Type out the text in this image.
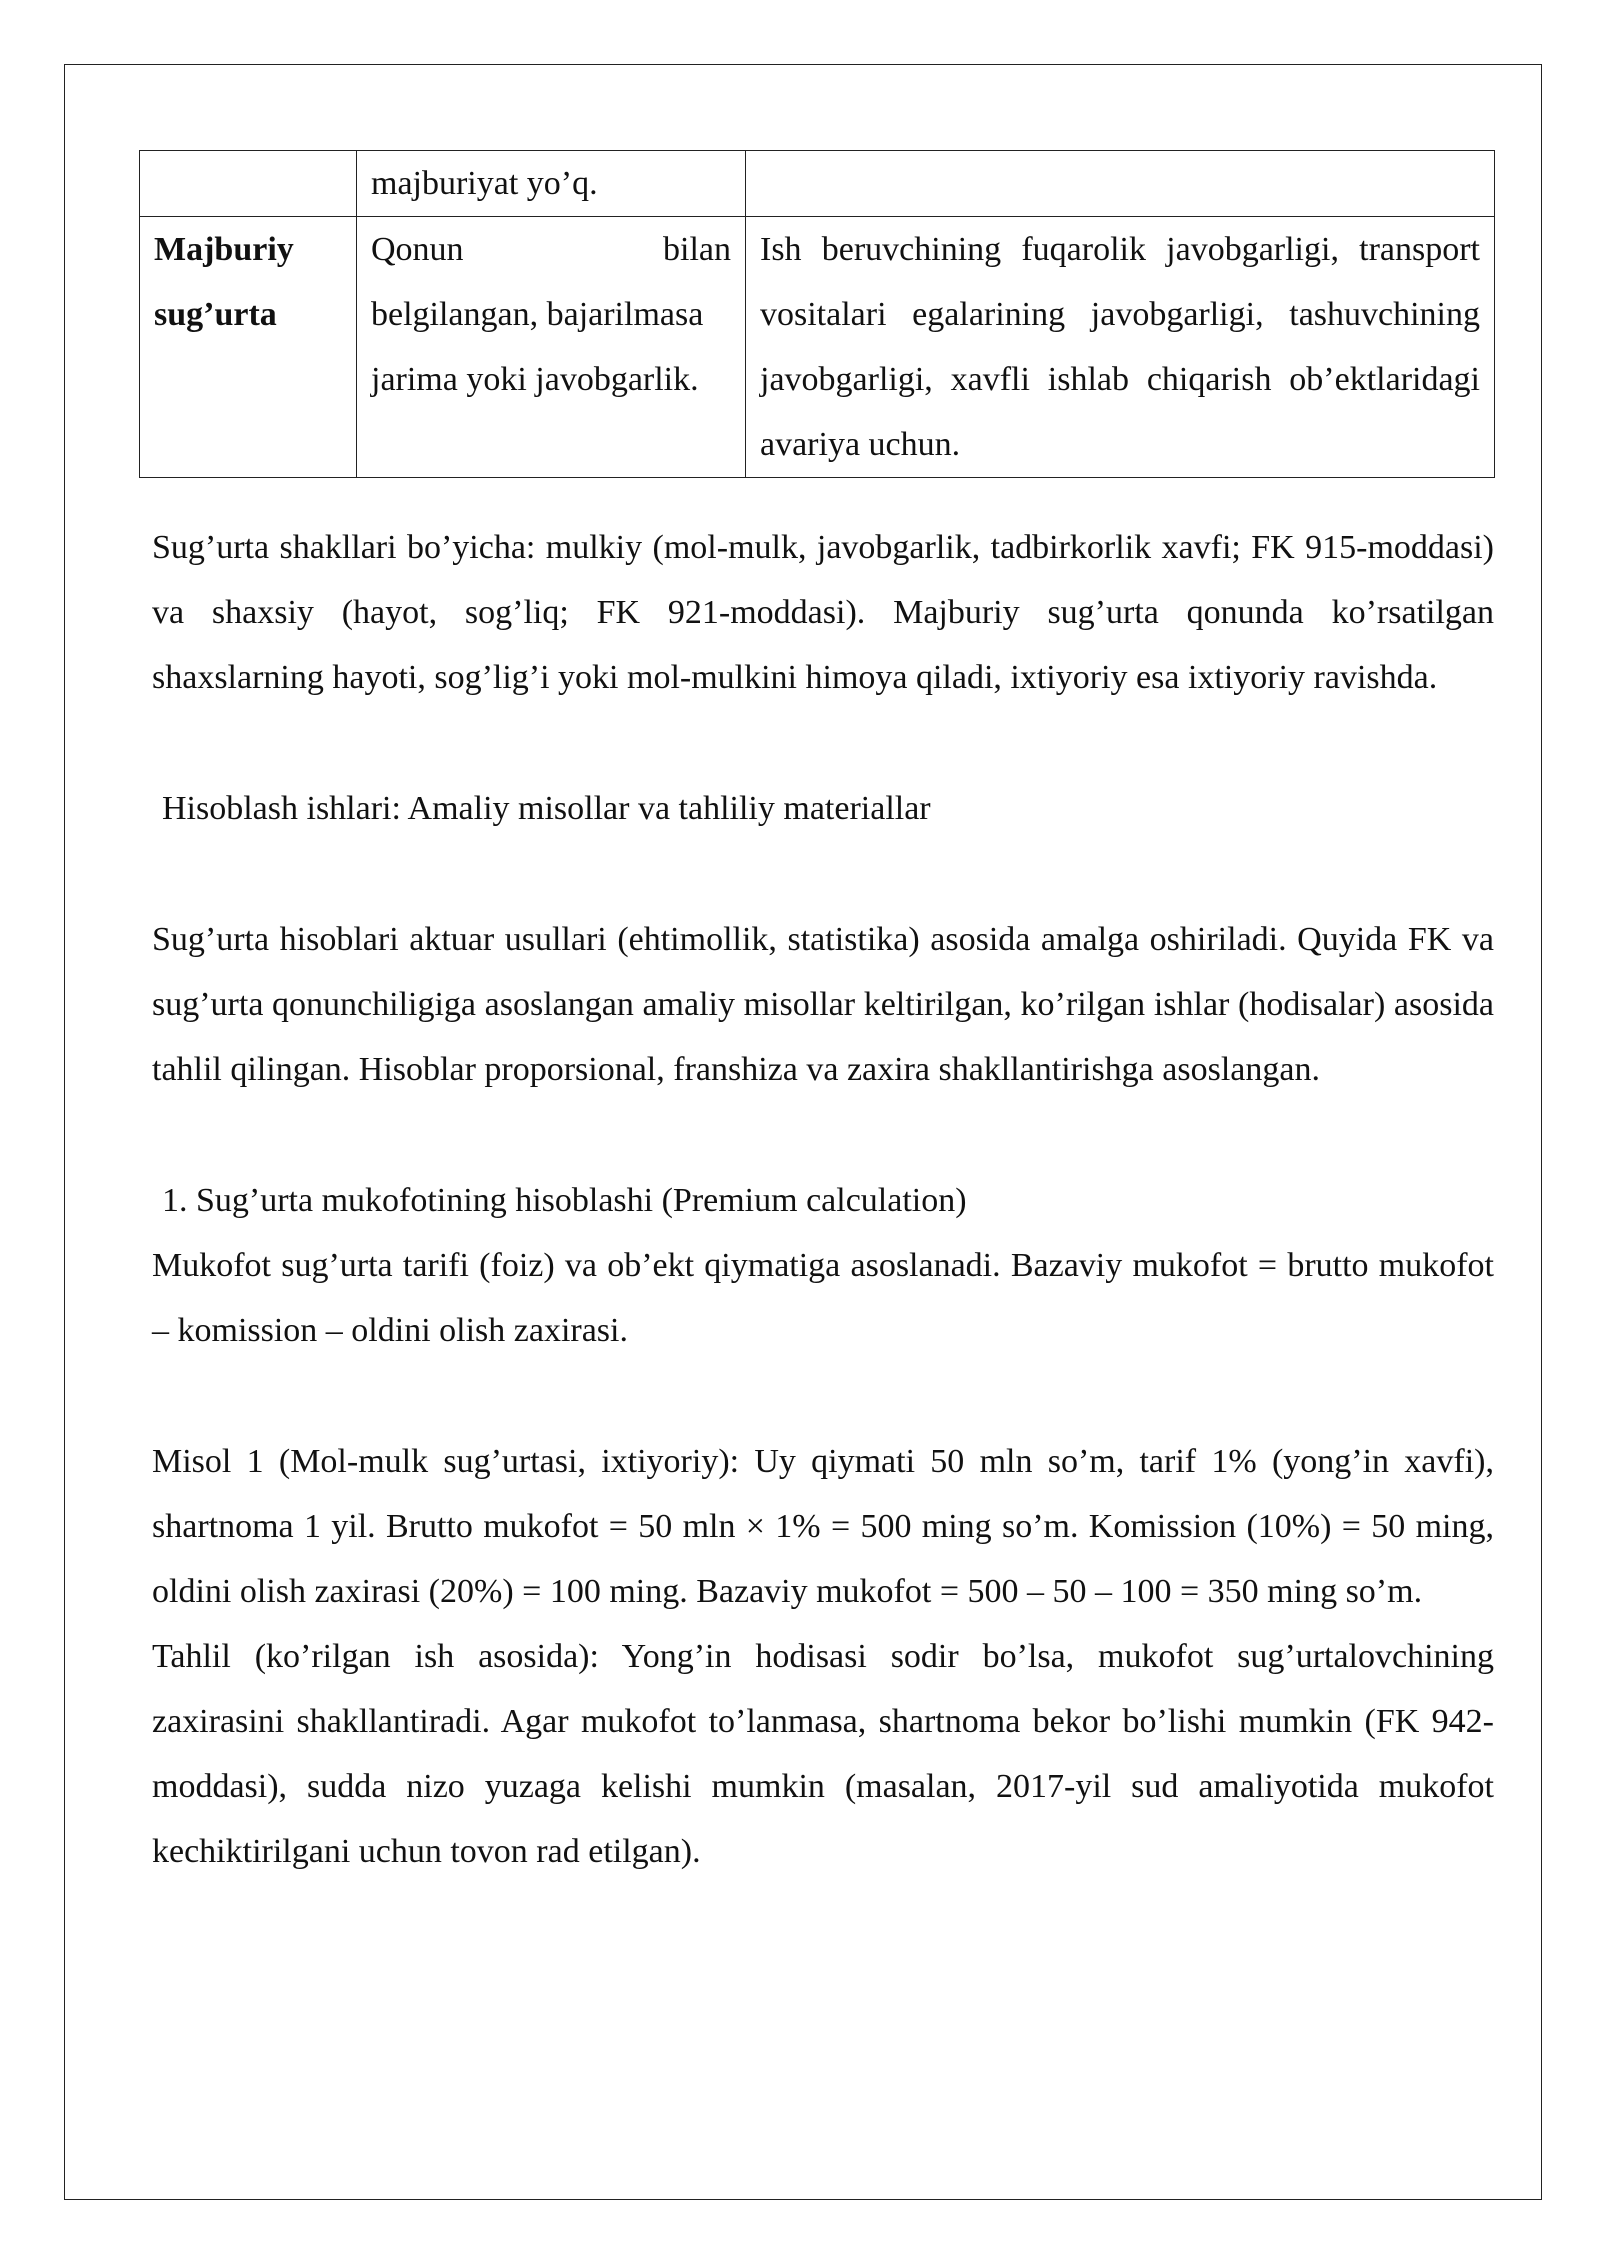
	majburiyat yo’q.	
Majburiy
sug’urta	Qonun bilan
belgilangan, bajarilmasa jarima yoki javobgarlik.	Ish beruvchining fuqarolik javobgarligi, transport vositalari egalarining javobgarligi, tashuvchining javobgarligi, xavfli ishlab chiqarish ob’ektlaridagi avariya uchun.

Sug’urta shakllari bo’yicha: mulkiy (mol-mulk, javobgarlik, tadbirkorlik xavfi; FK 915-moddasi) va shaxsiy (hayot, sog’liq; FK 921-moddasi). Majburiy sug’urta qonunda ko’rsatilgan shaxslarning hayoti, sog’lig’i yoki mol-mulkini himoya qiladi, ixtiyoriy esa ixtiyoriy ravishda.

Hisoblash ishlari: Amaliy misollar va tahliliy materiallar

Sug’urta hisoblari aktuar usullari (ehtimollik, statistika) asosida amalga oshiriladi. Quyida FK va sug’urta qonunchiligiga asoslangan amaliy misollar keltirilgan, ko’rilgan ishlar (hodisalar) asosida tahlil qilingan. Hisoblar proporsional, franshiza va zaxira shakllantirishga asoslangan.

1. Sug’urta mukofotining hisoblashi (Premium calculation)

Mukofot sug’urta tarifi (foiz) va ob’ekt qiymatiga asoslanadi. Bazaviy mukofot = brutto mukofot – komission – oldini olish zaxirasi.

Misol 1 (Mol-mulk sug’urtasi, ixtiyoriy): Uy qiymati 50 mln so’m, tarif 1% (yong’in xavfi), shartnoma 1 yil. Brutto mukofot = 50 mln × 1% = 500 ming so’m. Komission (10%) = 50 ming, oldini olish zaxirasi (20%) = 100 ming. Bazaviy mukofot = 500 – 50 – 100 = 350 ming so’m.

Tahlil (ko’rilgan ish asosida): Yong’in hodisasi sodir bo’lsa, mukofot sug’urtalovchining zaxirasini shakllantiradi. Agar mukofot to’lanmasa, shartnoma bekor bo’lishi mumkin (FK 942-moddasi), sudda nizo yuzaga kelishi mumkin (masalan, 2017-yil sud amaliyotida mukofot kechiktirilgani uchun tovon rad etilgan).
